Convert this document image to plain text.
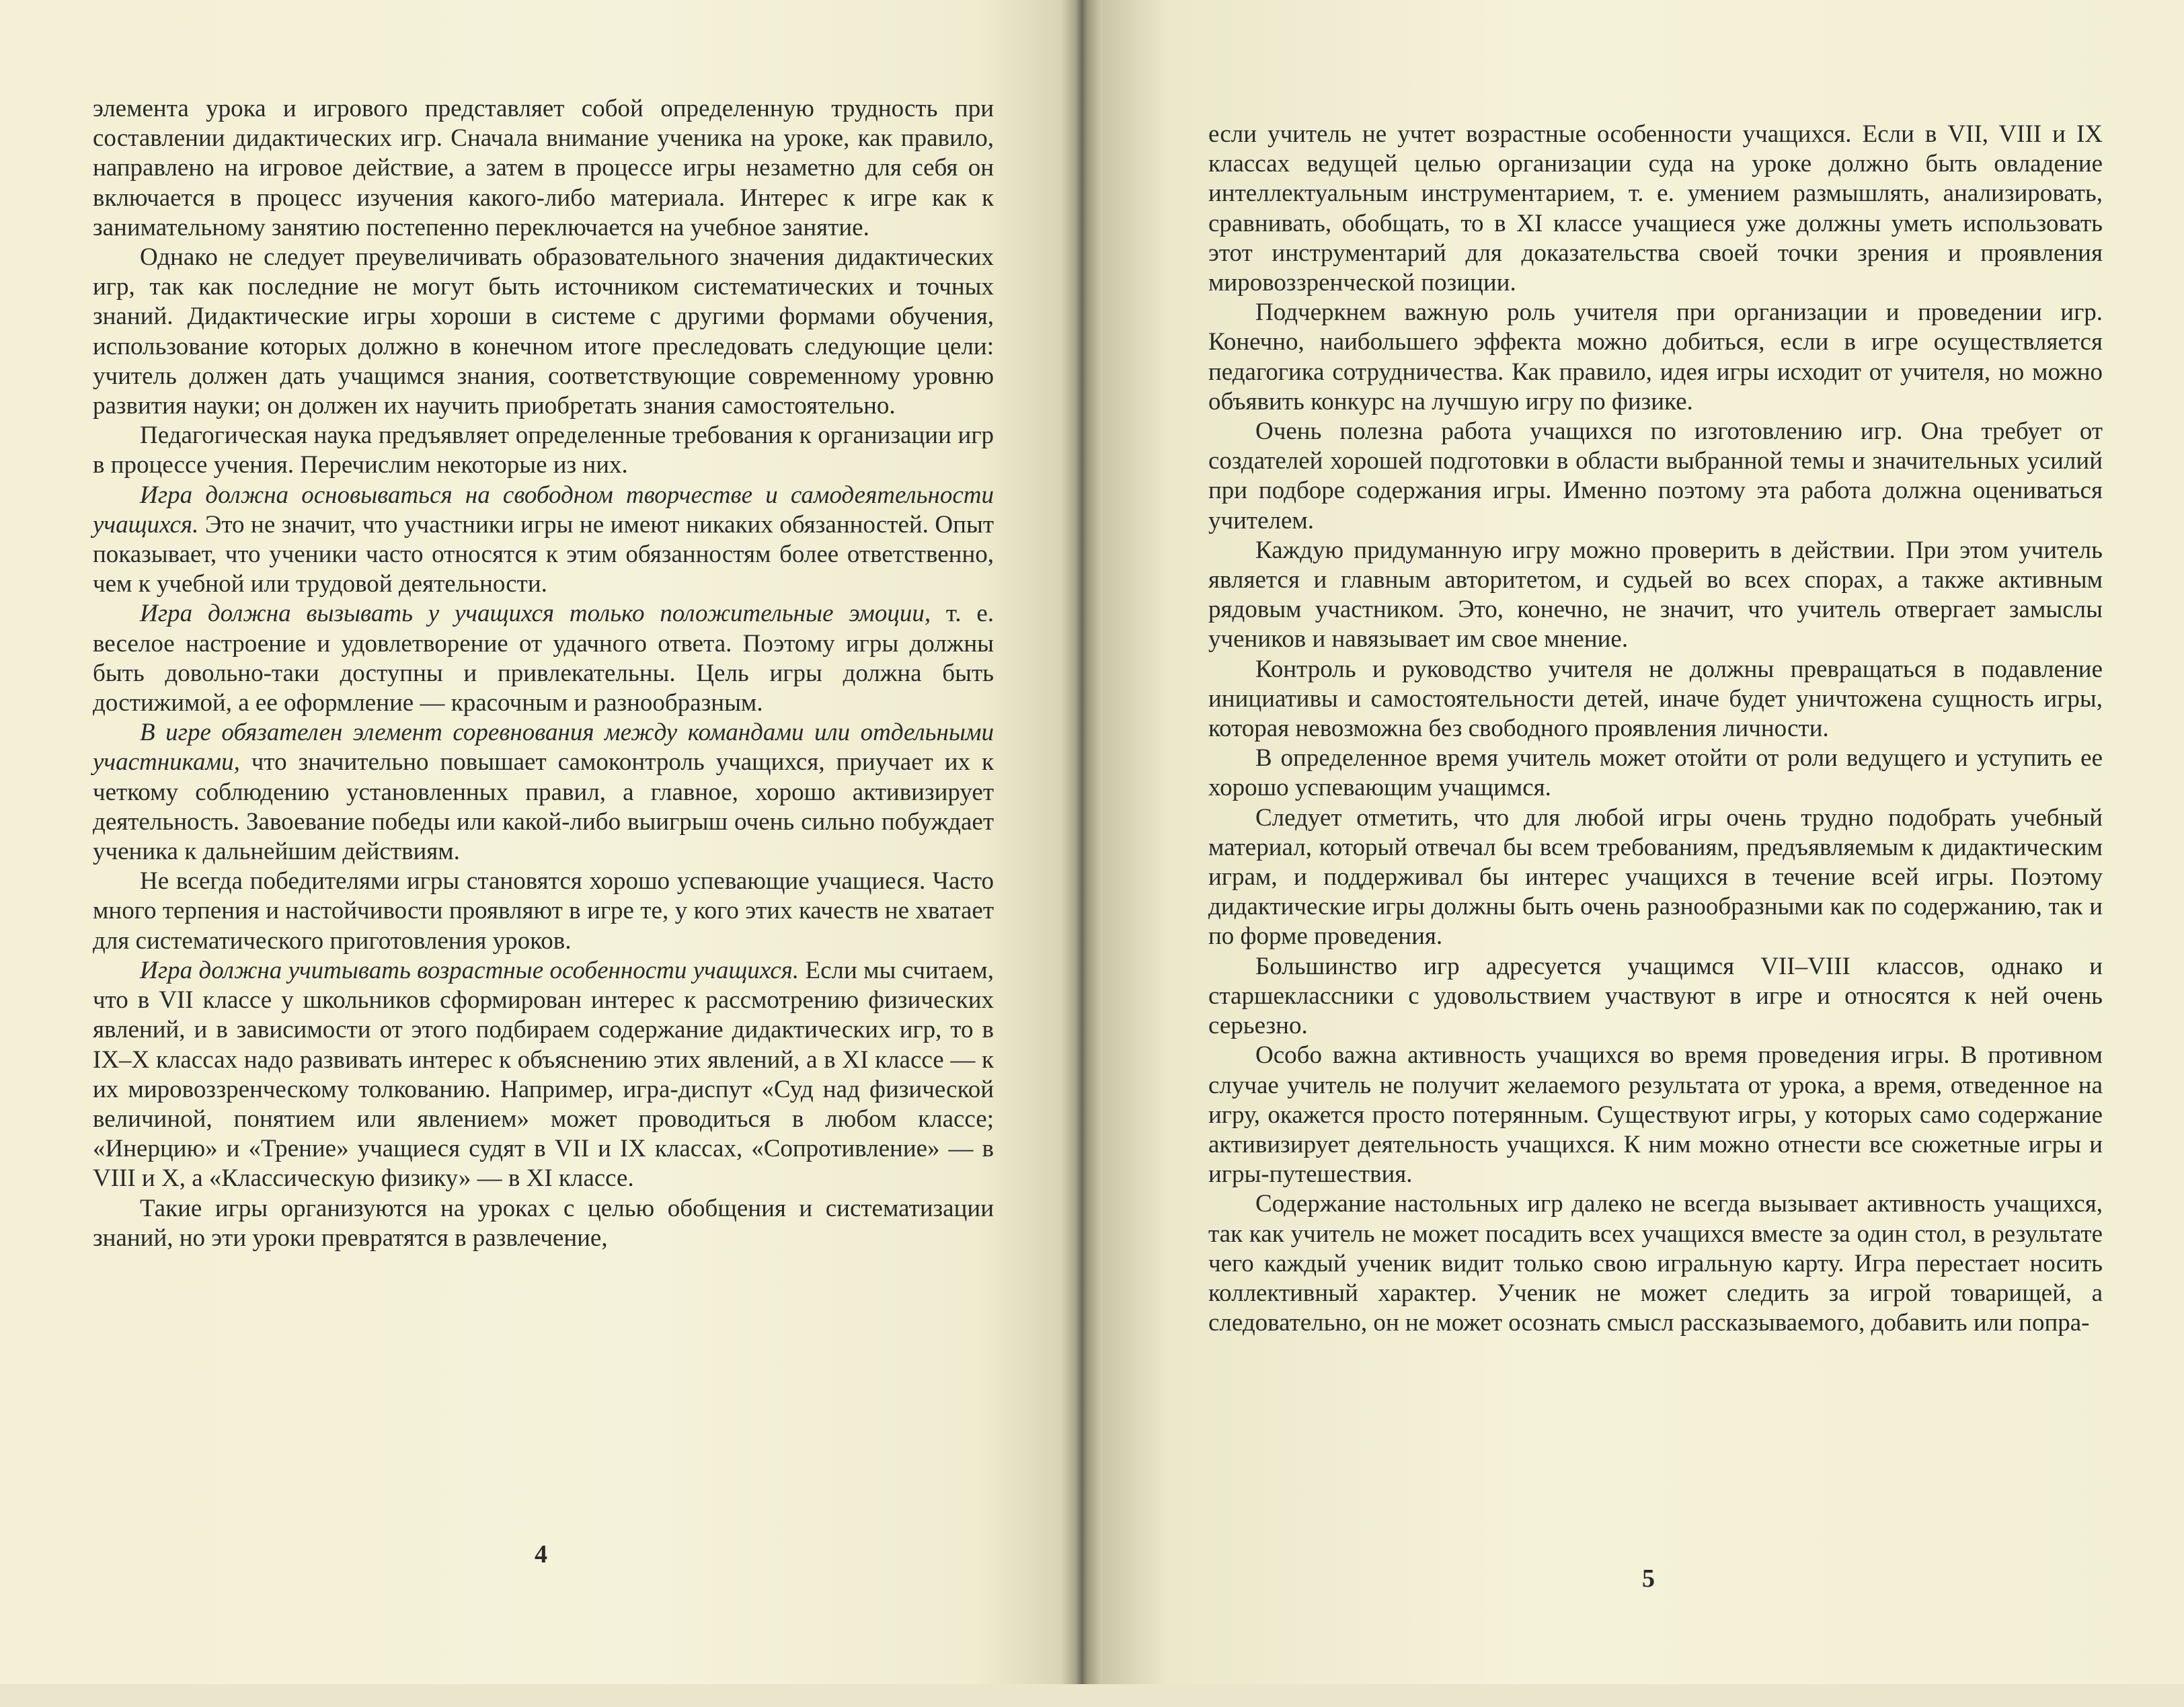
элемента урока и игрового представляет собой определенную трудность при составлении дидактических игр. Сначала внимание ученика на уроке, как правило, направлено на игровое действие, а затем в процессе игры незаметно для себя он включается в процесс изучения какого-либо материала. Интерес к игре как к занимательному занятию постепенно переключается на учебное занятие.

Однако не следует преувеличивать образовательного значения дидактических игр, так как последние не могут быть источником систематических и точных знаний. Дидактические игры хороши в системе с другими формами обучения, использование которых должно в конечном итоге преследовать следующие цели: учитель должен дать учащимся знания, соответствующие современному уровню развития науки; он должен их научить приобретать знания самостоятельно.

Педагогическая наука предъявляет определенные требования к организации игр в процессе учения. Перечислим некоторые из них.

Игра должна основываться на свободном творчестве и самодеятельности учащихся. Это не значит, что участники игры не имеют никаких обязанностей. Опыт показывает, что ученики часто относятся к этим обязанностям более ответственно, чем к учебной или трудовой деятельности.

Игра должна вызывать у учащихся только положительные эмоции, т. е. веселое настроение и удовлетворение от удачного ответа. Поэтому игры должны быть довольно-таки доступны и привлекательны. Цель игры должна быть достижимой, а ее оформление — красочным и разнообразным.

В игре обязателен элемент соревнования между командами или отдельными участниками, что значительно повышает самоконтроль учащихся, приучает их к четкому соблюдению установленных правил, а главное, хорошо активизирует деятельность. Завоевание победы или какой-либо выигрыш очень сильно побуждает ученика к дальнейшим действиям.

Не всегда победителями игры становятся хорошо успевающие учащиеся. Часто много терпения и настойчивости проявляют в игре те, у кого этих качеств не хватает для систематического приготовления уроков.

Игра должна учитывать возрастные особенности учащихся. Если мы считаем, что в VII классе у школьников сформирован интерес к рассмотрению физических явлений, и в зависимости от этого подбираем содержание дидактических игр, то в IX–X классах надо развивать интерес к объяснению этих явлений, а в XI классе — к их мировоззренческому толкованию. Например, игра-диспут «Суд над физической величиной, понятием или явлением» может проводиться в любом классе; «Инерцию» и «Трение» учащиеся судят в VII и IX классах, «Сопротивление» — в VIII и X, а «Классическую физику» — в XI классе.

Такие игры организуются на уроках с целью обобщения и систематизации знаний, но эти уроки превратятся в развлечение,

4

если учитель не учтет возрастные особенности учащихся. Если в VII, VIII и IX классах ведущей целью организации суда на уроке должно быть овладение интеллектуальным инструментарием, т. е. умением размышлять, анализировать, сравнивать, обобщать, то в XI классе учащиеся уже должны уметь использовать этот инструментарий для доказательства своей точки зрения и проявления мировоззренческой позиции.

Подчеркнем важную роль учителя при организации и проведении игр. Конечно, наибольшего эффекта можно добиться, если в игре осуществляется педагогика сотрудничества. Как правило, идея игры исходит от учителя, но можно объявить конкурс на лучшую игру по физике.

Очень полезна работа учащихся по изготовлению игр. Она требует от создателей хорошей подготовки в области выбранной темы и значительных усилий при подборе содержания игры. Именно поэтому эта работа должна оцениваться учителем.

Каждую придуманную игру можно проверить в действии. При этом учитель является и главным авторитетом, и судьей во всех спорах, а также активным рядовым участником. Это, конечно, не значит, что учитель отвергает замыслы учеников и навязывает им свое мнение.

Контроль и руководство учителя не должны превращаться в подавление инициативы и самостоятельности детей, иначе будет уничтожена сущность игры, которая невозможна без свободного проявления личности.

В определенное время учитель может отойти от роли ведущего и уступить ее хорошо успевающим учащимся.

Следует отметить, что для любой игры очень трудно подобрать учебный материал, который отвечал бы всем требованиям, предъявляемым к дидактическим играм, и поддерживал бы интерес учащихся в течение всей игры. Поэтому дидактические игры должны быть очень разнообразными как по содержанию, так и по форме проведения.

Большинство игр адресуется учащимся VII–VIII классов, однако и старшеклассники с удовольствием участвуют в игре и относятся к ней очень серьезно.

Особо важна активность учащихся во время проведения игры. В противном случае учитель не получит желаемого результата от урока, а время, отведенное на игру, окажется просто потерянным. Существуют игры, у которых само содержание активизирует деятельность учащихся. К ним можно отнести все сюжетные игры и игры-путешествия.

Содержание настольных игр далеко не всегда вызывает активность учащихся, так как учитель не может посадить всех учащихся вместе за один стол, в результате чего каждый ученик видит только свою игральную карту. Игра перестает носить коллективный характер. Ученик не может следить за игрой товарищей, а следовательно, он не может осознать смысл рассказываемого, добавить или попра-

5
